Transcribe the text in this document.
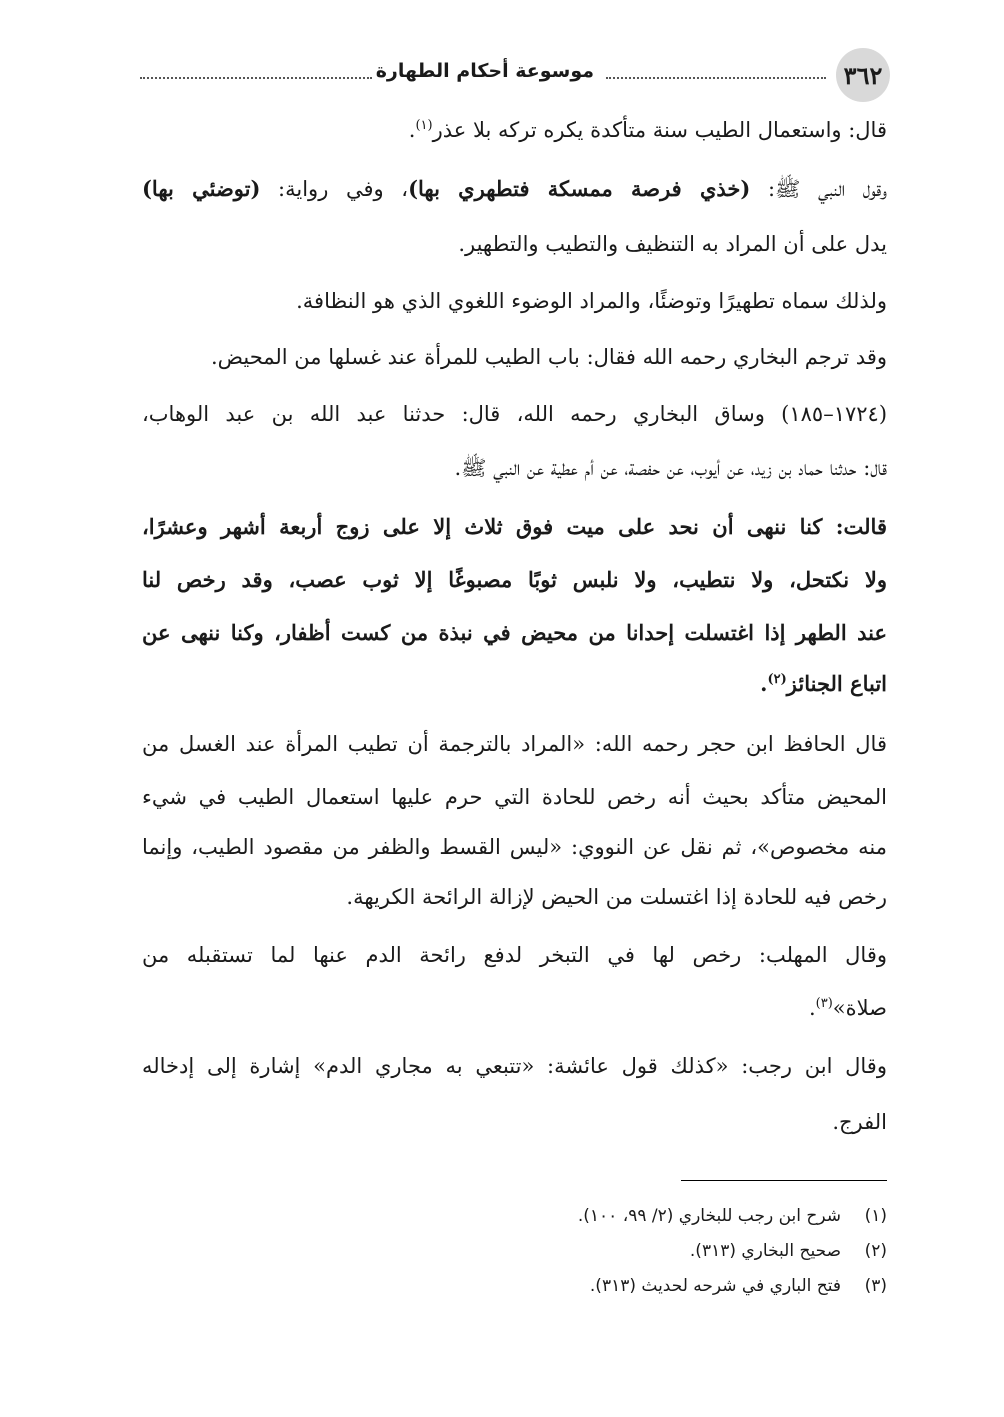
٣٦٢
موسوعة أحكام الطهارة
قال: واستعمال الطيب سنة متأكدة يكره تركه بلا عذر$^{(١)}$.
وقول النبي ﷺ: (خذي فرصة ممسكة فتطهري بها)، وفي رواية: (توضئي بها)
يدل على أن المراد به التنظيف والتطيب والتطهير.
ولذلك سماه تطهيرًا وتوضئًا، والمراد الوضوء اللغوي الذي هو النظافة.
وقد ترجم البخاري رحمه الله فقال: باب الطيب للمرأة عند غسلها من المحيض.
(١٧٢٤–١٨٥) وساق البخاري رحمه الله، قال: حدثنا عبد الله بن عبد الوهاب،
قال: حدثنا حماد بن زيد، عن أيوب، عن حفصة، عن أم عطية عن النبي ﷺ.
قالت: كنا ننهى أن نحد على ميت فوق ثلاث إلا على زوج أربعة أشهر وعشرًا،
ولا نكتحل، ولا نتطيب، ولا نلبس ثوبًا مصبوغًا إلا ثوب عصب، وقد رخص لنا
عند الطهر إذا اغتسلت إحدانا من محيض في نبذة من كست أظفار، وكنا ننهى عن
اتباع الجنائز$^{(٢)}$.
قال الحافظ ابن حجر رحمه الله: «المراد بالترجمة أن تطيب المرأة عند الغسل من
المحيض متأكد بحيث أنه رخص للحادة التي حرم عليها استعمال الطيب في شيء
منه مخصوص»، ثم نقل عن النووي: «ليس القسط والظفر من مقصود الطيب، وإنما
رخص فيه للحادة إذا اغتسلت من الحيض لإزالة الرائحة الكريهة.
وقال المهلب: رخص لها في التبخر لدفع رائحة الدم عنها لما تستقبله من
صلاة»$^{(٣)}$.
وقال ابن رجب: «كذلك قول عائشة: «تتبعي به مجاري الدم» إشارة إلى إدخاله
الفرج.
(١)شرح ابن رجب للبخاري (٢/ ٩٩، ١٠٠).
(٢)صحيح البخاري (٣١٣).
(٣)فتح الباري في شرحه لحديث (٣١٣).
